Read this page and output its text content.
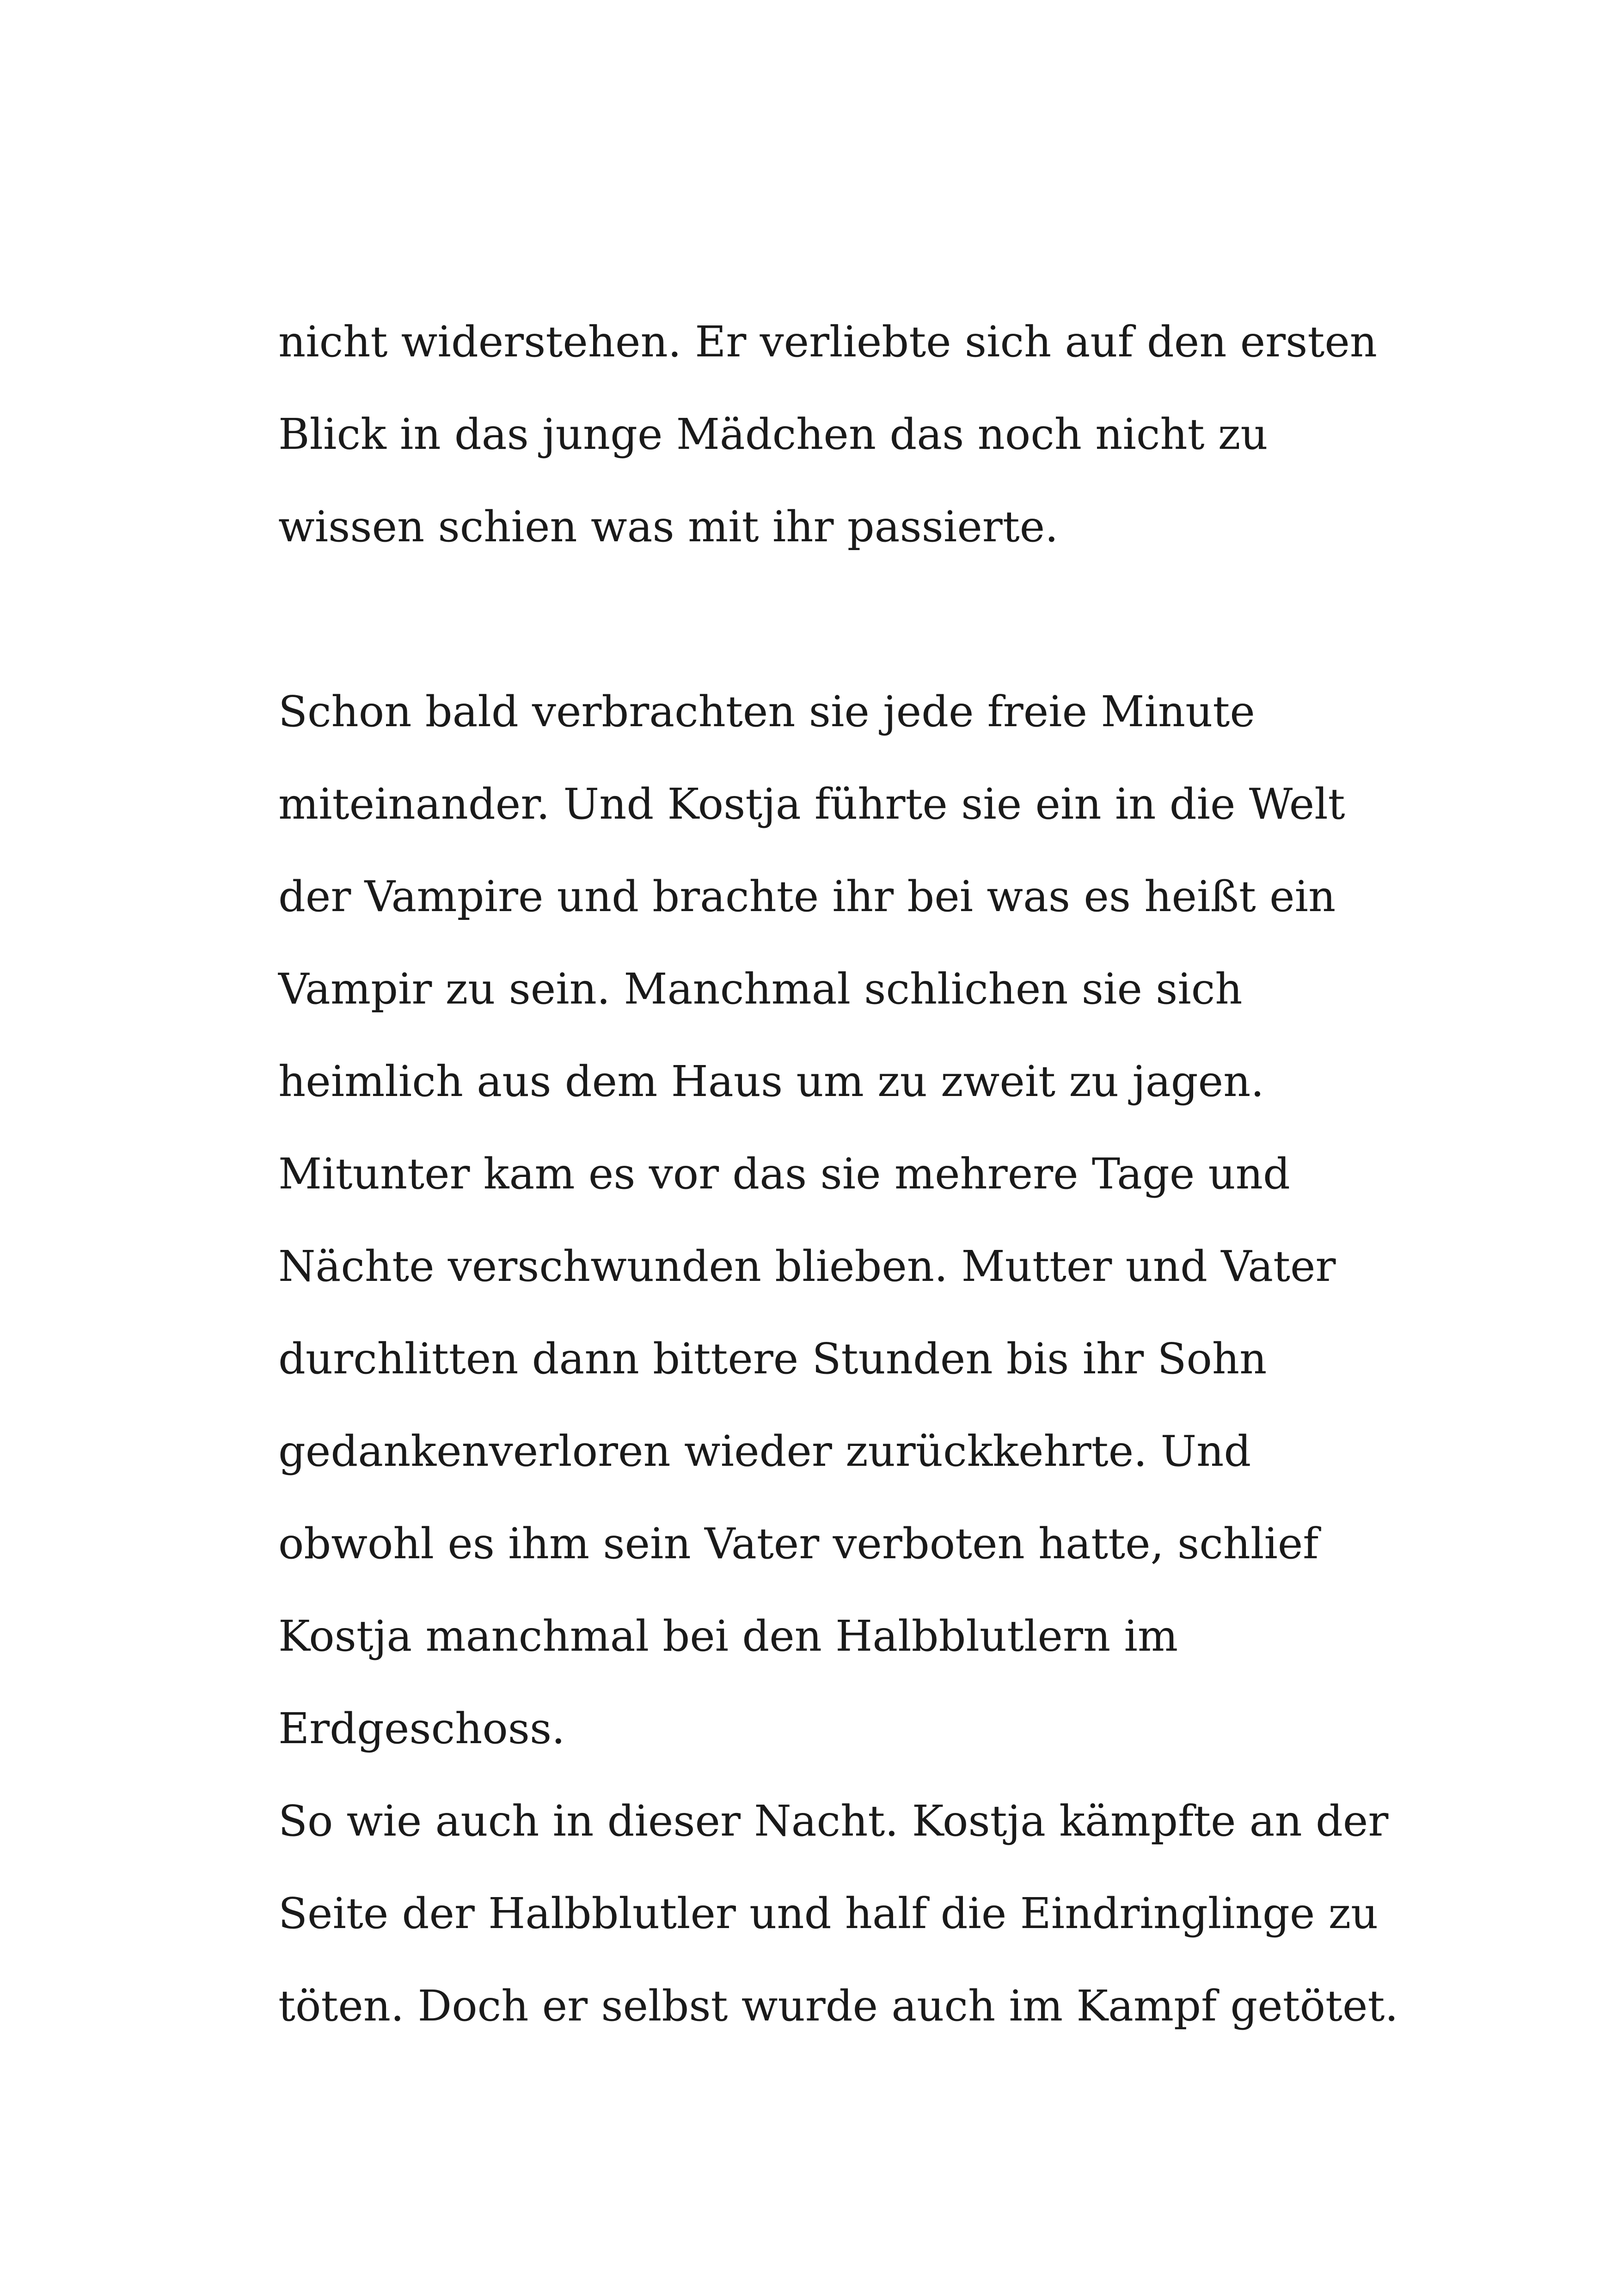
nicht widerstehen. Er verliebte sich auf den ersten
Blick in das junge Mädchen das noch nicht zu
wissen schien was mit ihr passierte.
Schon bald verbrachten sie jede freie Minute
miteinander. Und Kostja führte sie ein in die Welt
der Vampire und brachte ihr bei was es heißt ein
Vampir zu sein. Manchmal schlichen sie sich
heimlich aus dem Haus um zu zweit zu jagen.
Mitunter kam es vor das sie mehrere Tage und
Nächte verschwunden blieben. Mutter und Vater
durchlitten dann bittere Stunden bis ihr Sohn
gedankenverloren wieder zurückkehrte. Und
obwohl es ihm sein Vater verboten hatte, schlief
Kostja manchmal bei den Halbblutlern im
Erdgeschoss.
So wie auch in dieser Nacht. Kostja kämpfte an der
Seite der Halbblutler und half die Eindringlinge zu
töten. Doch er selbst wurde auch im Kampf getötet.
